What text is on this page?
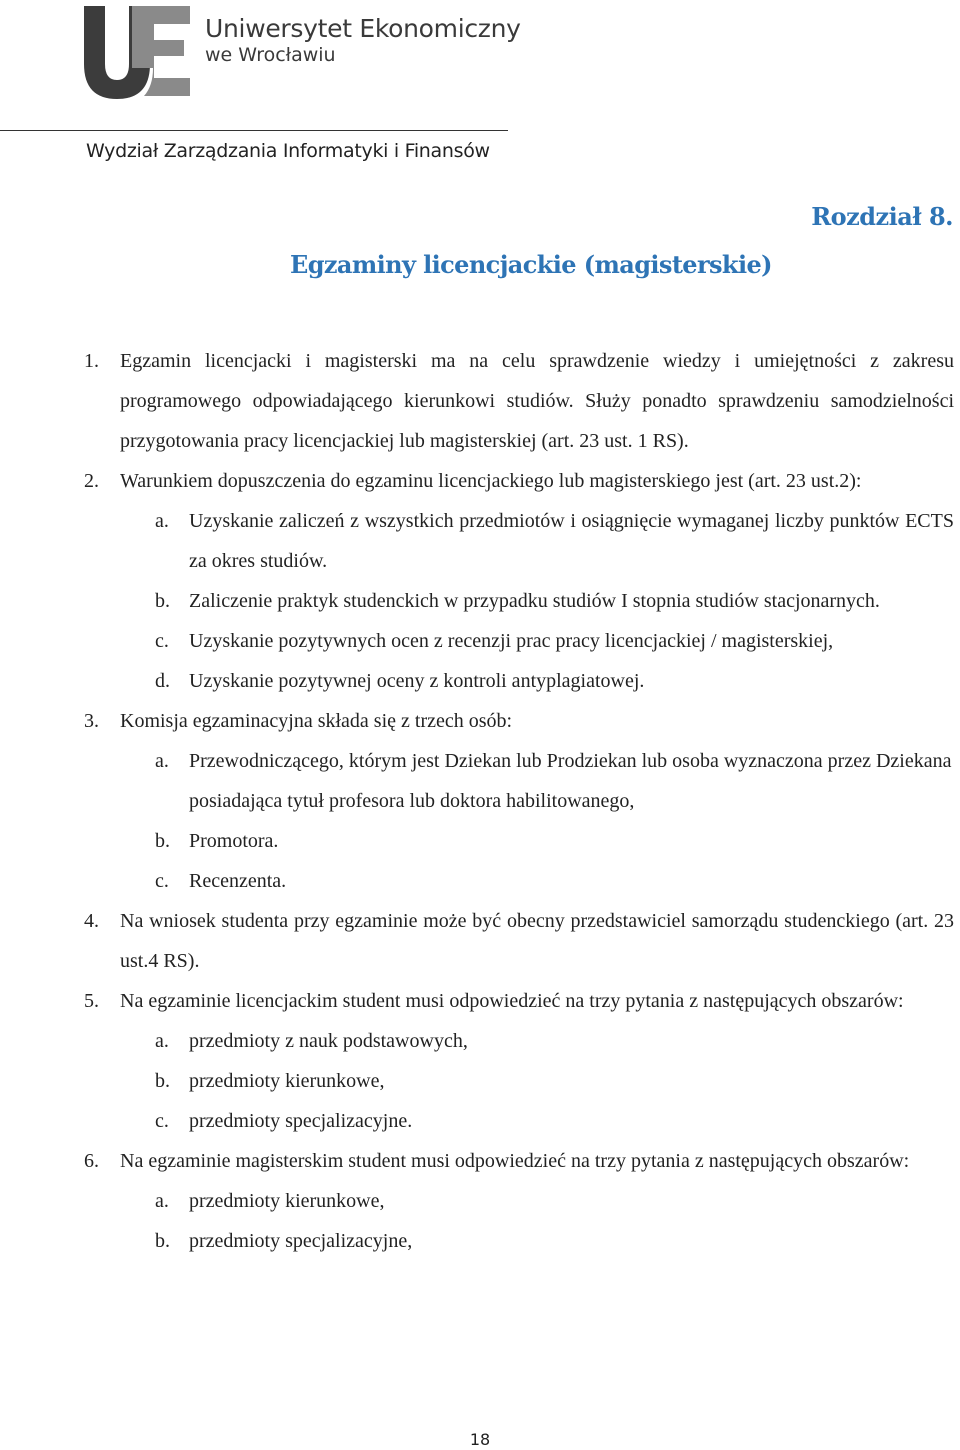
Uniwersytet Ekonomiczny
we Wrocławiu
Wydział Zarządzania Informatyki i Finansów
Rozdział 8.
Egzaminy licencjackie (magisterskie)
1. Egzamin licencjacki i magisterski ma na celu sprawdzenie wiedzy i umiejętności z zakresu programowego odpowiadającego kierunkowi studiów. Służy ponadto sprawdzeniu samodzielności przygotowania pracy licencjackiej lub magisterskiej (art. 23 ust. 1 RS).
2. Warunkiem dopuszczenia do egzaminu licencjackiego lub magisterskiego jest (art. 23 ust.2):
a. Uzyskanie zaliczeń z wszystkich przedmiotów i osiągnięcie wymaganej liczby punktów ECTS za okres studiów.
b. Zaliczenie praktyk studenckich w przypadku studiów I stopnia studiów stacjonarnych.
c. Uzyskanie pozytywnych ocen z recenzji prac pracy licencjackiej / magisterskiej,
d. Uzyskanie pozytywnej oceny z kontroli antyplagiatowej.
3. Komisja egzaminacyjna składa się z trzech osób:
a. Przewodniczącego, którym jest Dziekan lub Prodziekan lub osoba wyznaczona przez Dziekana posiadająca tytuł profesora lub doktora habilitowanego,
b. Promotora.
c. Recenzenta.
4. Na wniosek studenta przy egzaminie może być obecny przedstawiciel samorządu studenckiego (art. 23 ust.4 RS).
5. Na egzaminie licencjackim student musi odpowiedzieć na trzy pytania z następujących obszarów:
a. przedmioty z nauk podstawowych,
b. przedmioty kierunkowe,
c. przedmioty specjalizacyjne.
6. Na egzaminie magisterskim student musi odpowiedzieć na trzy pytania z następujących obszarów:
a. przedmioty kierunkowe,
b. przedmioty specjalizacyjne,
18
